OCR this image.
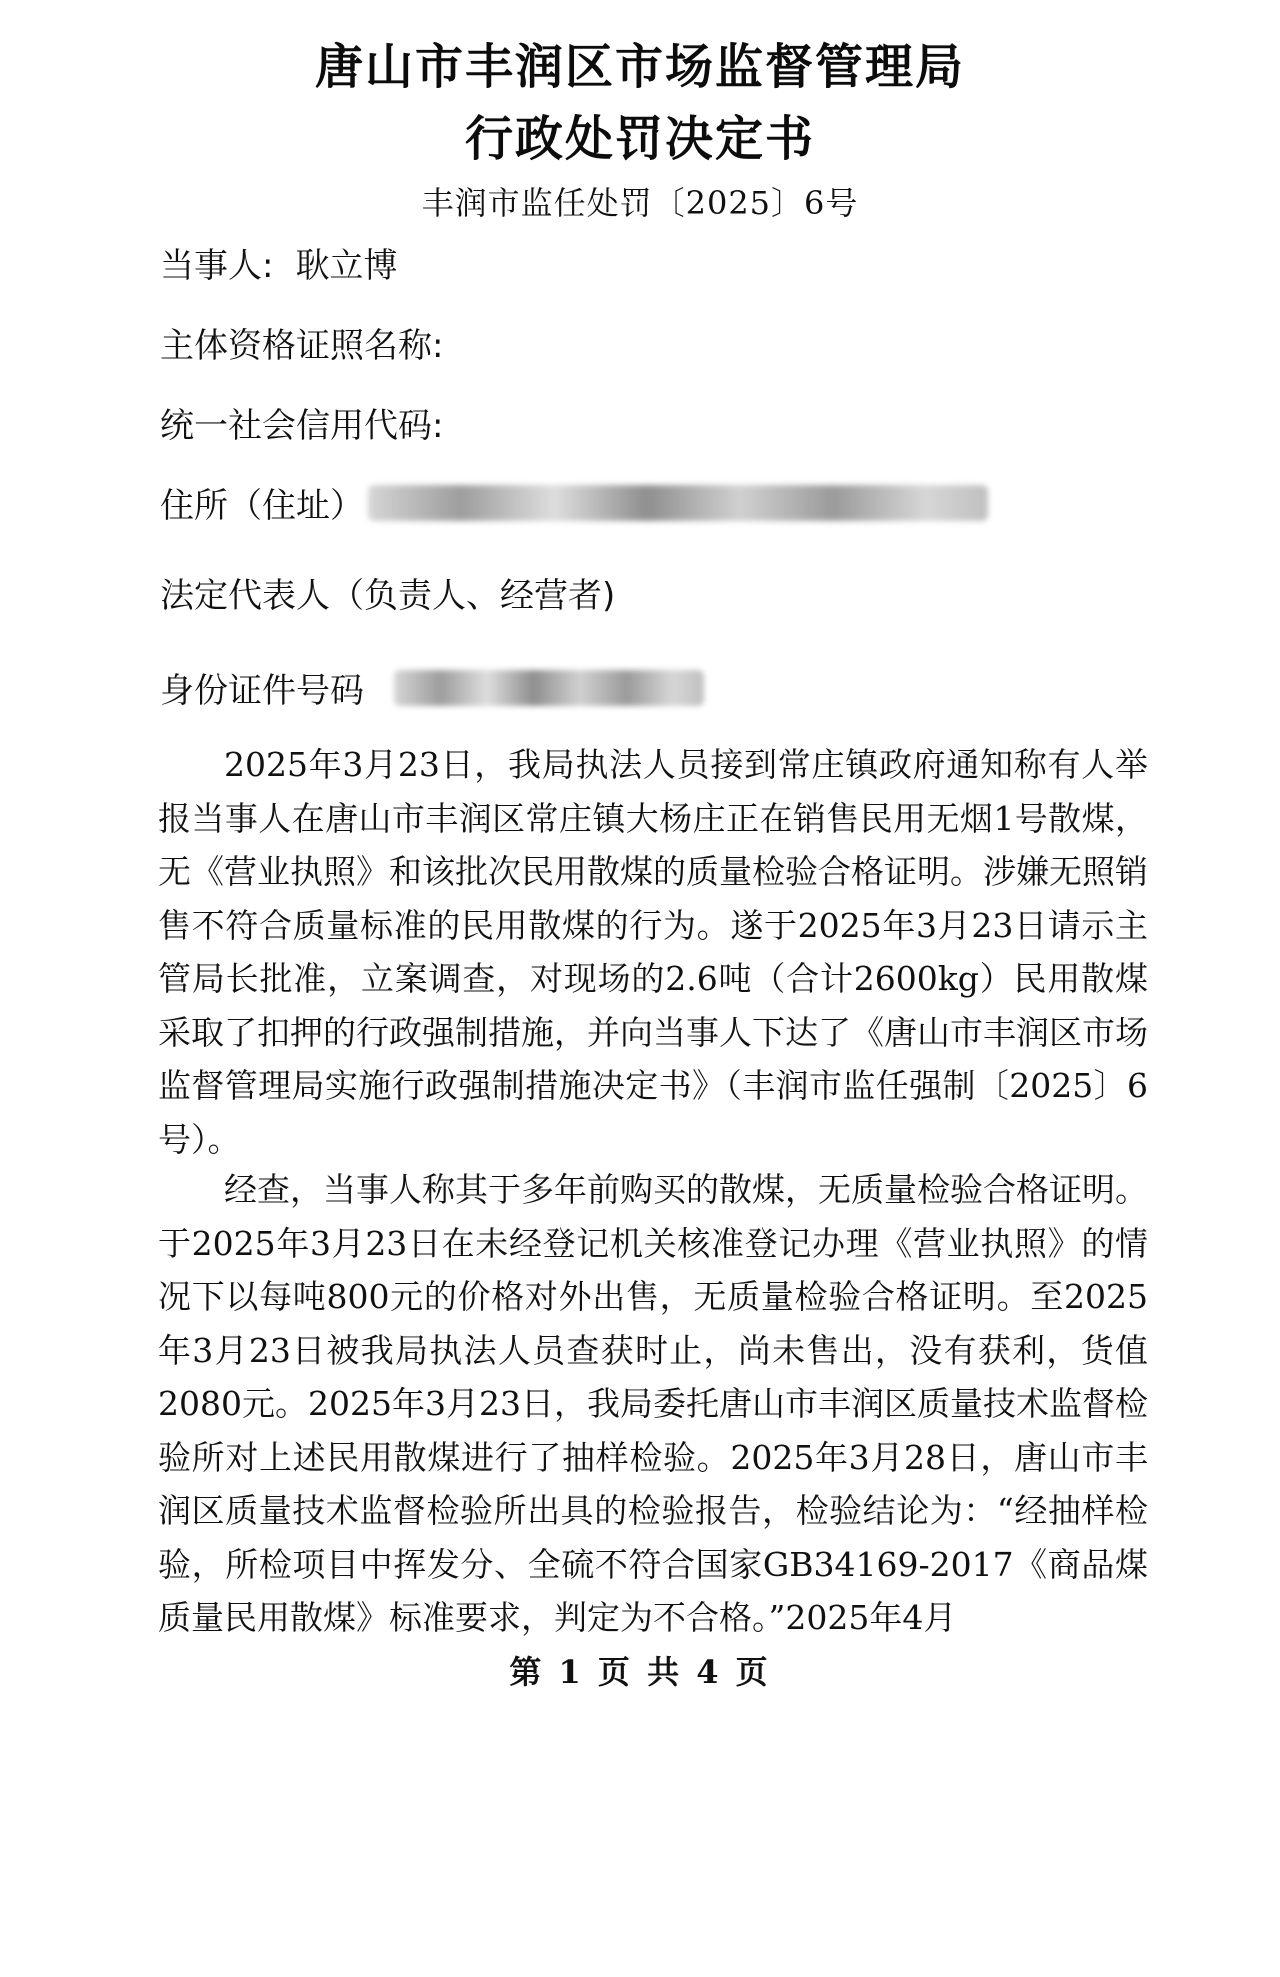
唐山市丰润区市场监督管理局
行政处罚决定书
丰润市监任处罚〔2025〕6号
当事人: 耿立博
主体资格证照名称:
统一社会信用代码:
住所（住址）
法定代表人（负责人、经营者)
身份证件号码

2025年3月23日，我局执法人员接到常庄镇政府通知称有人举报当事人在唐山市丰润区常庄镇大杨庄正在销售民用无烟1号散煤，无《营业执照》和该批次民用散煤的质量检验合格证明。涉嫌无照销售不符合质量标准的民用散煤的行为。遂于2025年3月23日请示主管局长批准，立案调查，对现场的2.6吨（合计2600kg）民用散煤采取了扣押的行政强制措施，并向当事人下达了《唐山市丰润区市场监督管理局实施行政强制措施决定书》（丰润市监任强制〔2025〕6号）。

经查，当事人称其于多年前购买的散煤，无质量检验合格证明。于2025年3月23日在未经登记机关核准登记办理《营业执照》的情况下以每吨800元的价格对外出售，无质量检验合格证明。至2025年3月23日被我局执法人员查获时止，尚未售出，没有获利，货值2080元。2025年3月23日，我局委托唐山市丰润区质量技术监督检验所对上述民用散煤进行了抽样检验。2025年3月28日，唐山市丰润区质量技术监督检验所出具的检验报告，检验结论为：“经抽样检验，所检项目中挥发分、全硫不符合国家GB34169-2017《商品煤质量民用散煤》标准要求，判定为不合格。”2025年4月

第 1 页 共 4 页
